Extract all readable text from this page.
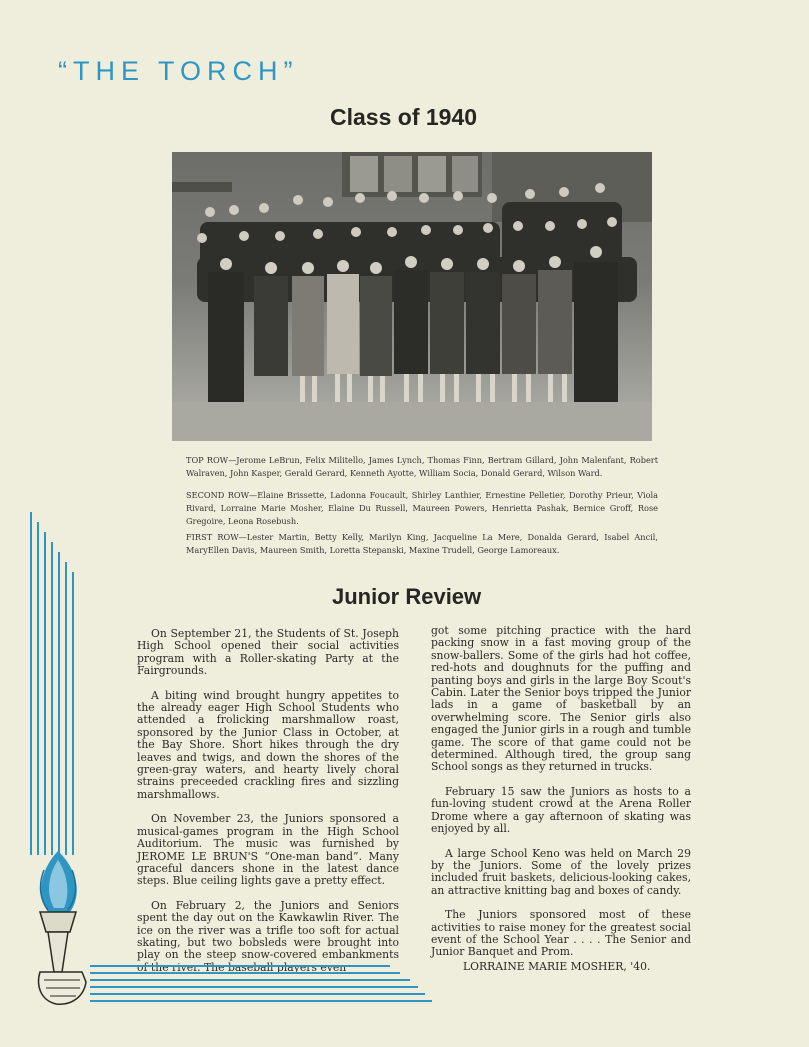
“THE TORCH”
Class of 1940
TOP ROW—Jerome LeBrun, Felix Militello, James Lynch, Thomas Finn, Bertram Gillard, John Malenfant, Robert Walraven, John Kasper, Gerald Gerard, Kenneth Ayotte, William Socia, Donald Gerard, Wilson Ward.
SECOND ROW—Elaine Brissette, Ladonna Foucault, Shirley Lanthier, Ernestine Pelletier, Dorothy Prieur, Viola Rivard, Lorraine Marie Mosher, Elaine Du Russell, Maureen Powers, Henrietta Pashak, Bernice Groff, Rose Gregoire, Leona Rosebush.
FIRST ROW—Lester Martin, Betty Kelly, Marilyn King, Jacqueline La Mere, Donalda Gerard, Isabel Ancil, MaryEllen Davis, Maureen Smith, Loretta Stepanski, Maxine Trudell, George Lamoreaux.
Junior Review

On September 21, the Students of St. Joseph High School opened their social activities program with a Roller-skating Party at the Fairgrounds.

A biting wind brought hungry appetites to the already eager High School Students who attended a frolicking marshmallow roast, sponsored by the Junior Class in October, at the Bay Shore. Short hikes through the dry leaves and twigs, and down the shores of the green-gray waters, and hearty lively choral strains preceeded crackling fires and sizzling marshmallows.

On November 23, the Juniors sponsored a musical-games program in the High School Auditorium. The music was furnished by JEROME LE BRUN'S “One-man band”. Many graceful dancers shone in the latest dance steps. Blue ceiling lights gave a pretty effect.

On February 2, the Juniors and Seniors spent the day out on the Kawkawlin River. The ice on the river was a trifle too soft for actual skating, but two bobsleds were brought into play on the steep snow-covered embankments of the river. The baseball players even

got some pitching practice with the hard packing snow in a fast moving group of the snow-ballers. Some of the girls had hot coffee, red-hots and doughnuts for the puffing and panting boys and girls in the large Boy Scout's Cabin. Later the Senior boys tripped the Junior lads in a game of basketball by an overwhelming score. The Senior girls also engaged the Junior girls in a rough and tumble game. The score of that game could not be determined. Although tired, the group sang School songs as they returned in trucks.

February 15 saw the Juniors as hosts to a fun-loving student crowd at the Arena Roller Drome where a gay afternoon of skating was enjoyed by all.

A large School Keno was held on March 29 by the Juniors. Some of the lovely prizes included fruit baskets, delicious-looking cakes, an attractive knitting bag and boxes of candy.

The Juniors sponsored most of these activities to raise money for the greatest social event of the School Year . . . . The Senior and Junior Banquet and Prom.

LORRAINE MARIE MOSHER, '40.
